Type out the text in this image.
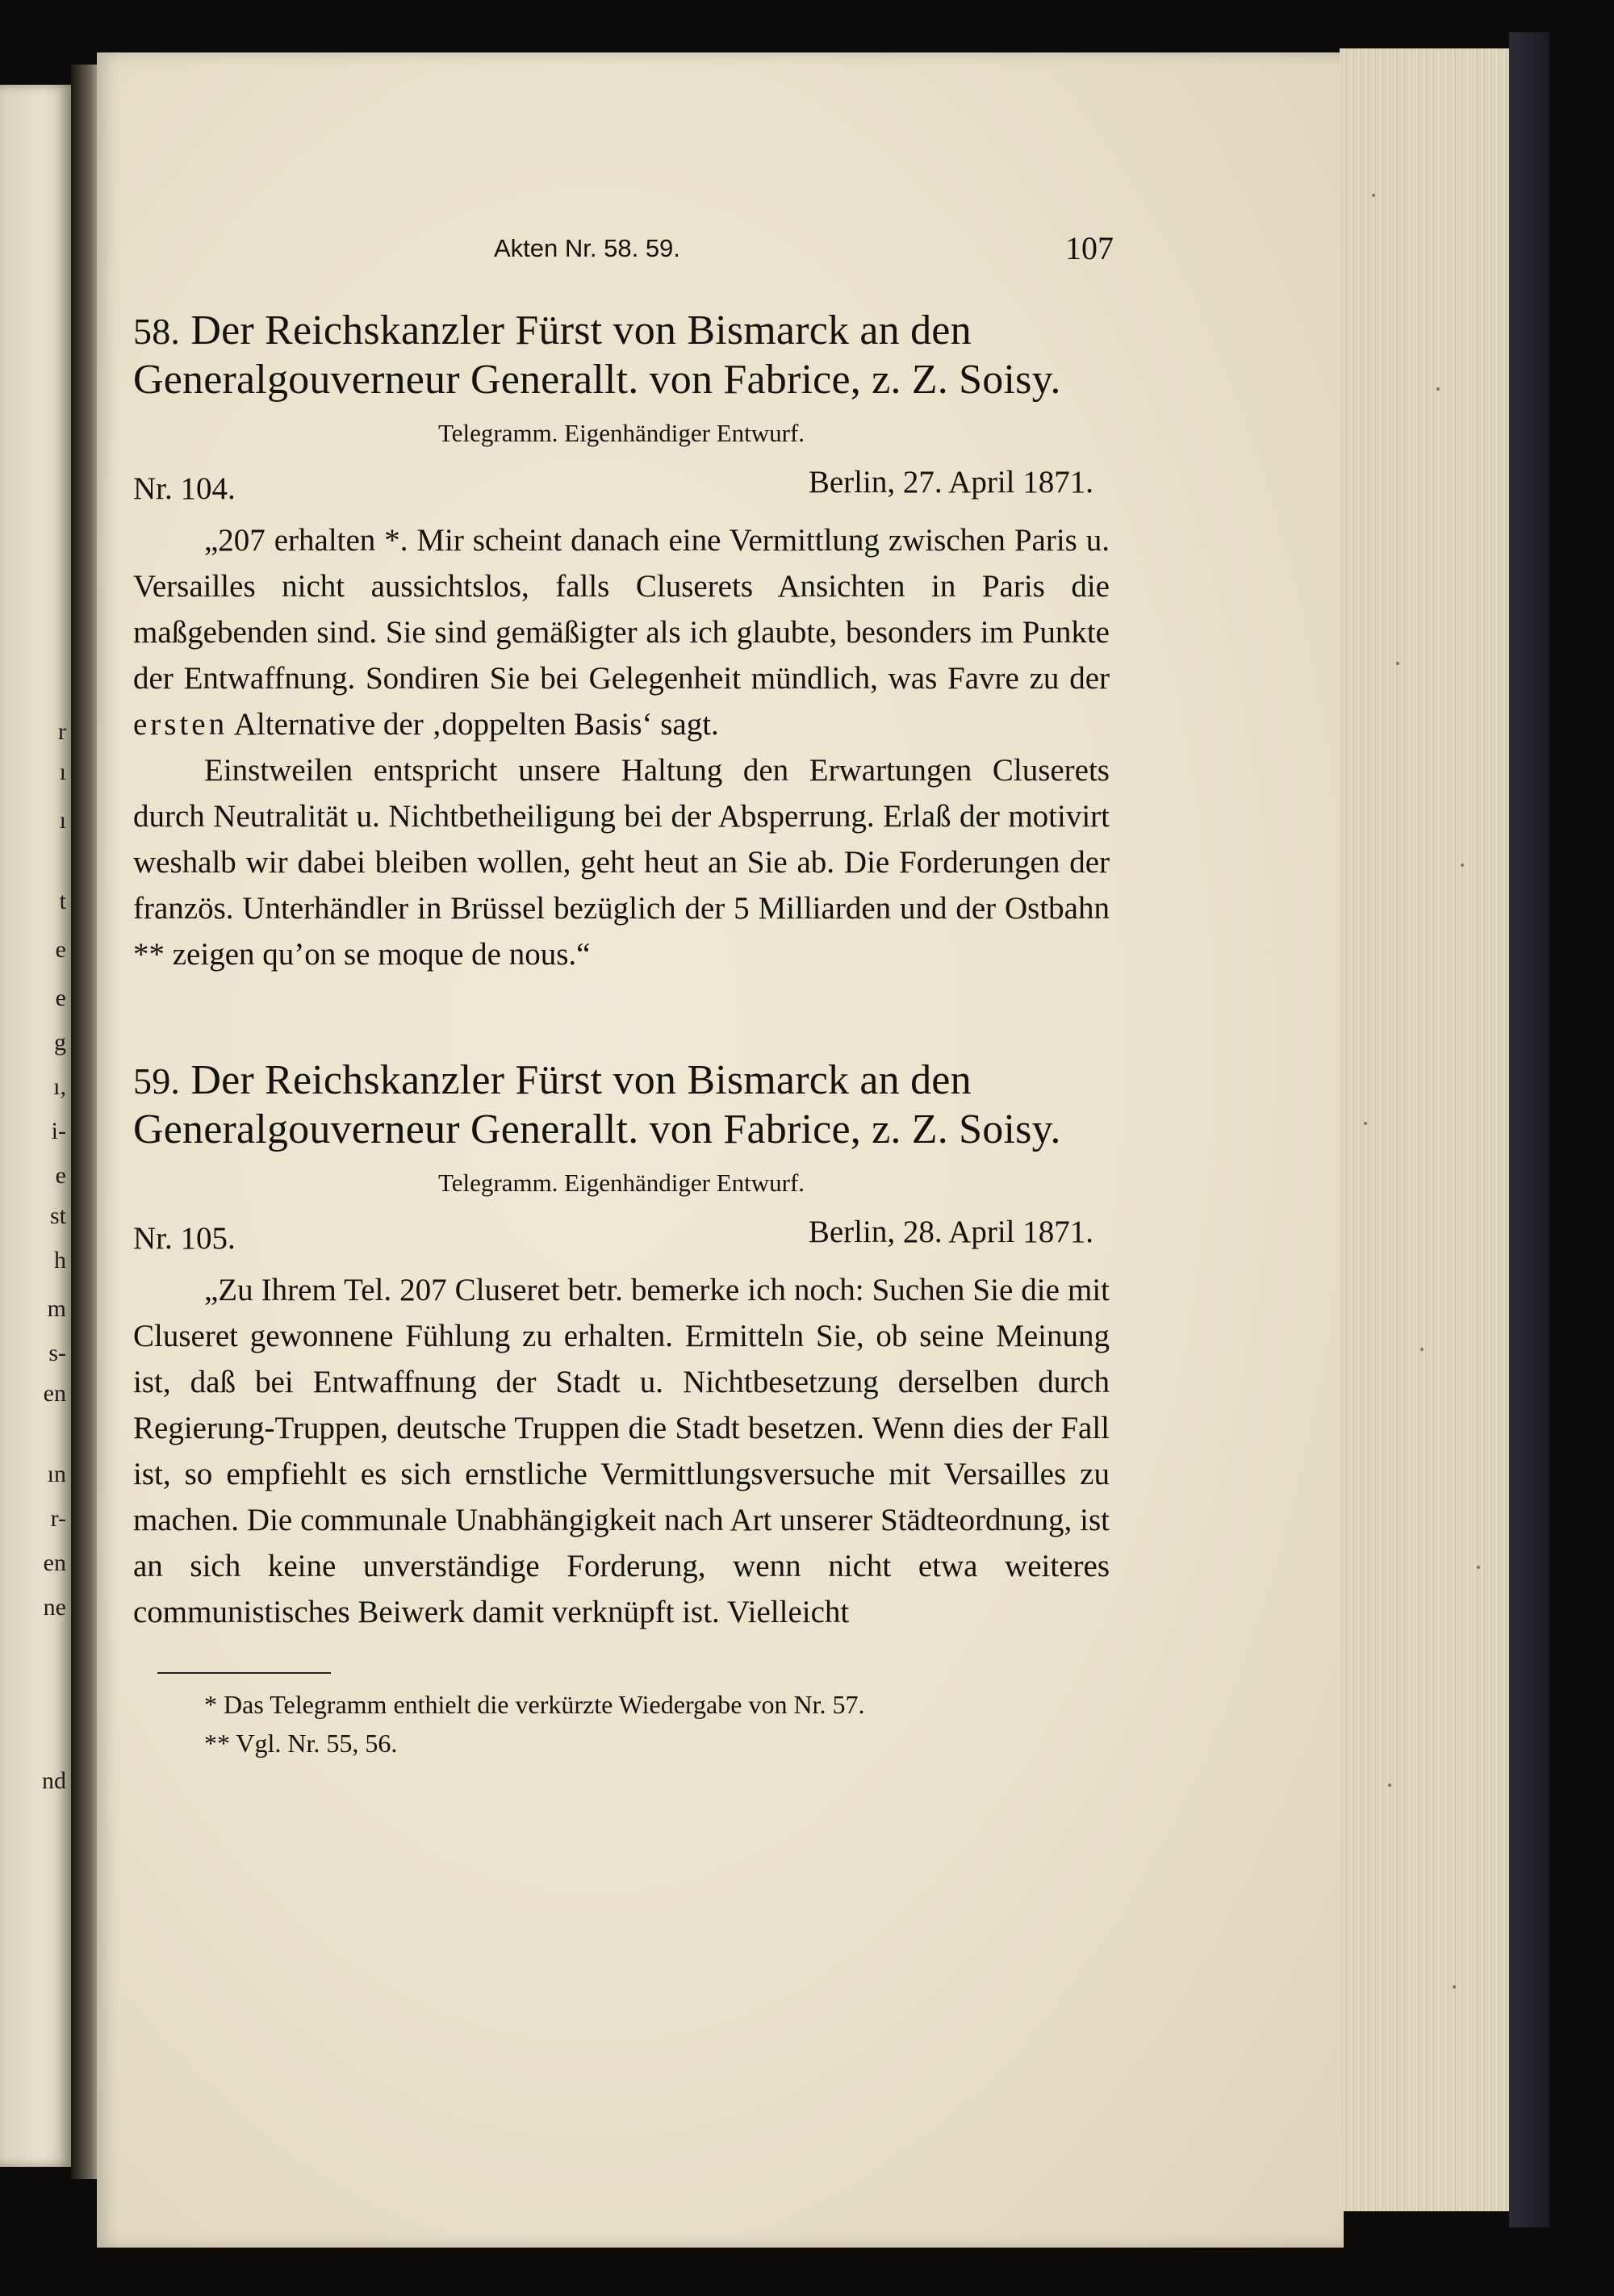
r
ı
ı
t
e
e
g
ı,
i-
e
st
h
m
s-
en
ın
r-
en
ne
nd
Akten Nr. 58. 59.	107
58. Der Reichskanzler Fürst von Bismarck an den Generalgouverneur Generallt. von Fabrice, z. Z. Soisy.
Telegramm. Eigenhändiger Entwurf.
Nr. 104.	Berlin, 27. April 1871.

„207 erhalten *. Mir scheint danach eine Vermittlung zwischen Paris u. Versailles nicht aussichtslos, falls Cluserets Ansichten in Paris die maßgebenden sind. Sie sind gemäßigter als ich glaubte, besonders im Punkte der Entwaffnung. Sondiren Sie bei Gelegenheit mündlich, was Favre zu der ersten Alternative der ‚doppelten Basis‘ sagt.

Einstweilen entspricht unsere Haltung den Erwartungen Cluserets durch Neutralität u. Nichtbetheiligung bei der Absperrung. Erlaß der motivirt weshalb wir dabei bleiben wollen, geht heut an Sie ab. Die Forderungen der französ. Unterhändler in Brüssel bezüglich der 5 Milliarden und der Ostbahn ** zeigen qu’on se moque de nous.“

59. Der Reichskanzler Fürst von Bismarck an den Generalgouverneur Generallt. von Fabrice, z. Z. Soisy.
Telegramm. Eigenhändiger Entwurf.
Nr. 105.	Berlin, 28. April 1871.

„Zu Ihrem Tel. 207 Cluseret betr. bemerke ich noch: Suchen Sie die mit Cluseret gewonnene Fühlung zu erhalten. Ermitteln Sie, ob seine Meinung ist, daß bei Entwaffnung der Stadt u. Nichtbesetzung derselben durch Regierung-Truppen, deutsche Truppen die Stadt besetzen. Wenn dies der Fall ist, so empfiehlt es sich ernstliche Vermittlungsversuche mit Versailles zu machen. Die communale Unabhängigkeit nach Art unserer Städteordnung, ist an sich keine unverständige Forderung, wenn nicht etwa weiteres communistisches Beiwerk damit verknüpft ist. Vielleicht

* Das Telegramm enthielt die verkürzte Wiedergabe von Nr. 57.
** Vgl. Nr. 55, 56.
